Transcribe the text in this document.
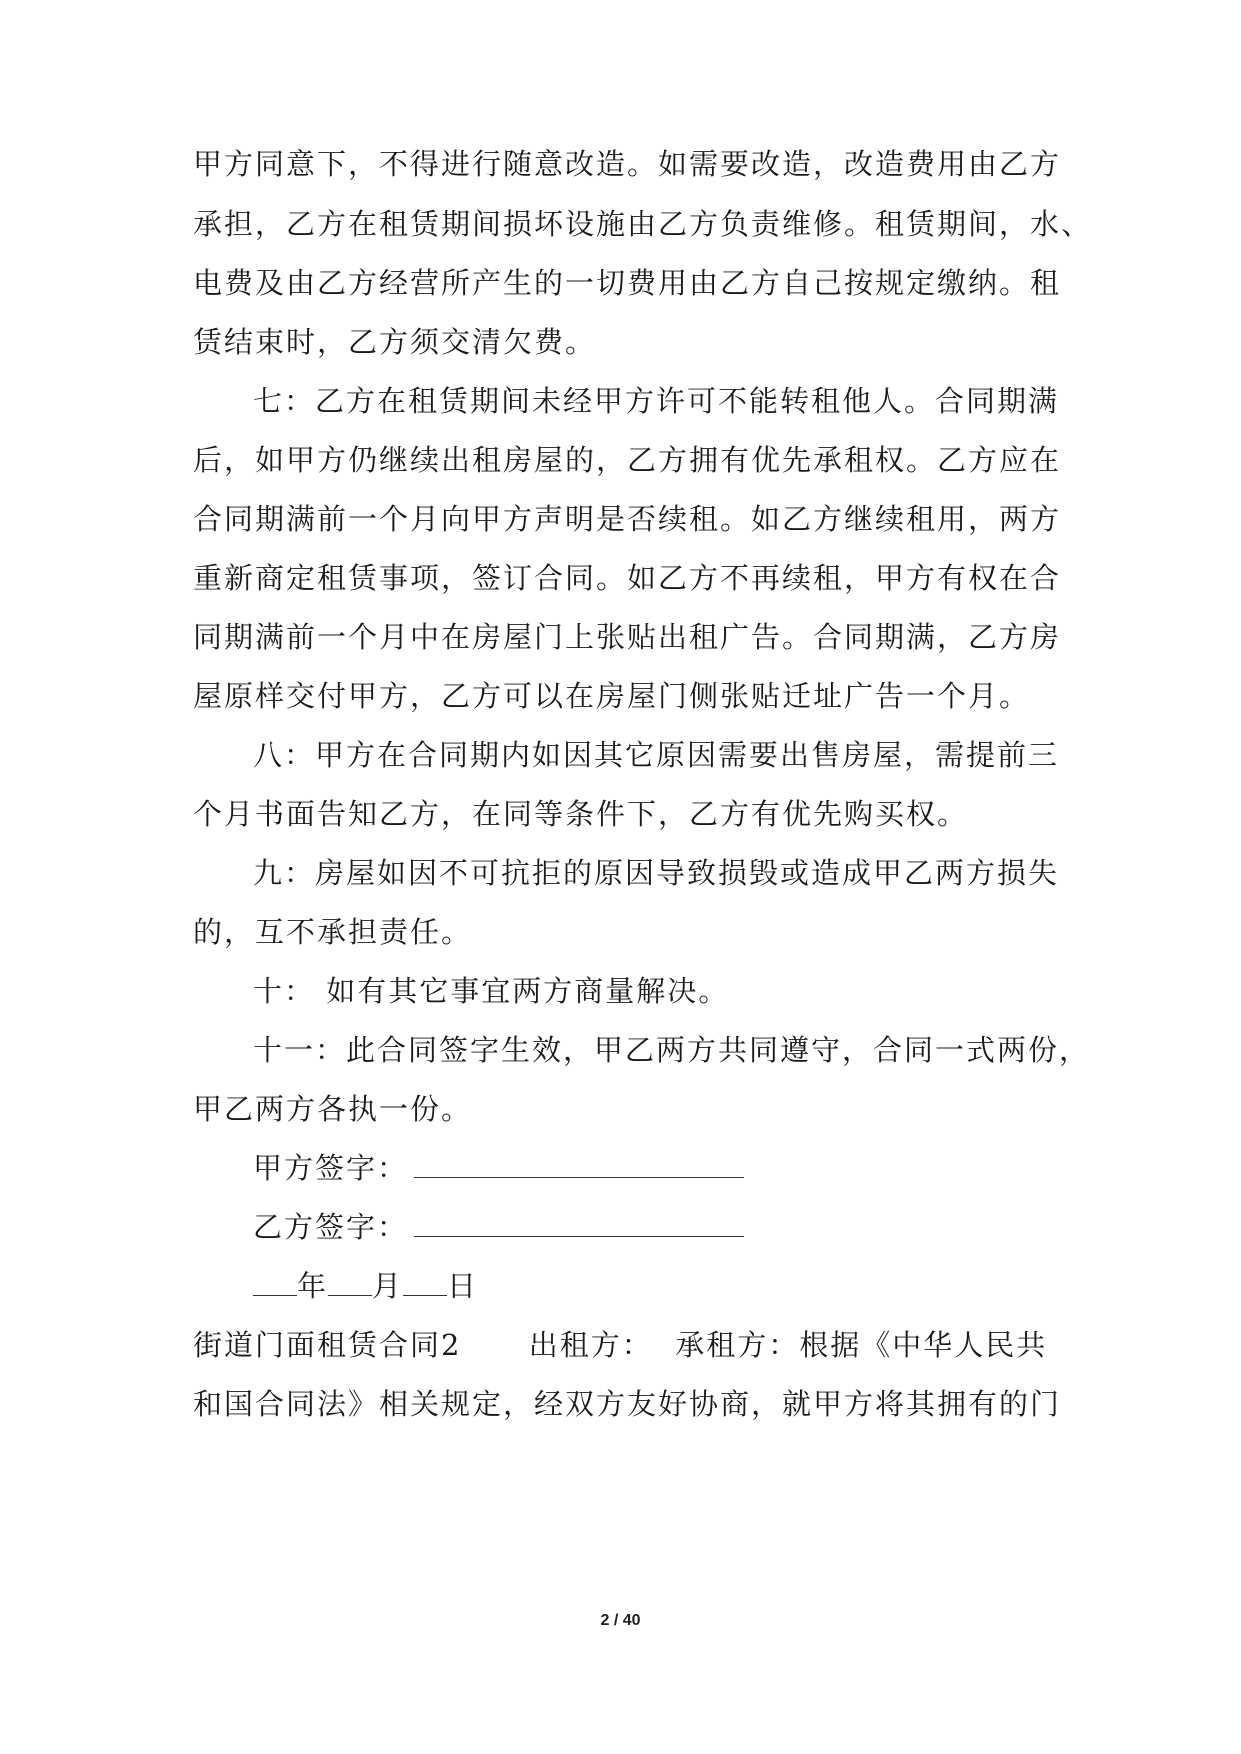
甲方同意下，不得进行随意改造。如需要改造，改造费用由乙方
承担，乙方在租赁期间损坏设施由乙方负责维修。租赁期间，水、
电费及由乙方经营所产生的一切费用由乙方自己按规定缴纳。租
赁结束时，乙方须交清欠费。
七：乙方在租赁期间未经甲方许可不能转租他人。合同期满
后，如甲方仍继续出租房屋的，乙方拥有优先承租权。乙方应在
合同期满前一个月向甲方声明是否续租。如乙方继续租用，两方
重新商定租赁事项，签订合同。如乙方不再续租，甲方有权在合
同期满前一个月中在房屋门上张贴出租广告。合同期满，乙方房
屋原样交付甲方，乙方可以在房屋门侧张贴迁址广告一个月。
八：甲方在合同期内如因其它原因需要出售房屋，需提前三
个月书面告知乙方，在同等条件下，乙方有优先购买权。
九：房屋如因不可抗拒的原因导致损毁或造成甲乙两方损失
的，互不承担责任。
十： 如有其它事宜两方商量解决。
十一：此合同签字生效，甲乙两方共同遵守，合同一式两份，
甲乙两方各执一份。
甲方签字：
乙方签字：
年 月 日
街道门面租赁合同2      出租方：  承租方：根据《中华人民共
和国合同法》相关规定，经双方友好协商，就甲方将其拥有的门
2 / 40
